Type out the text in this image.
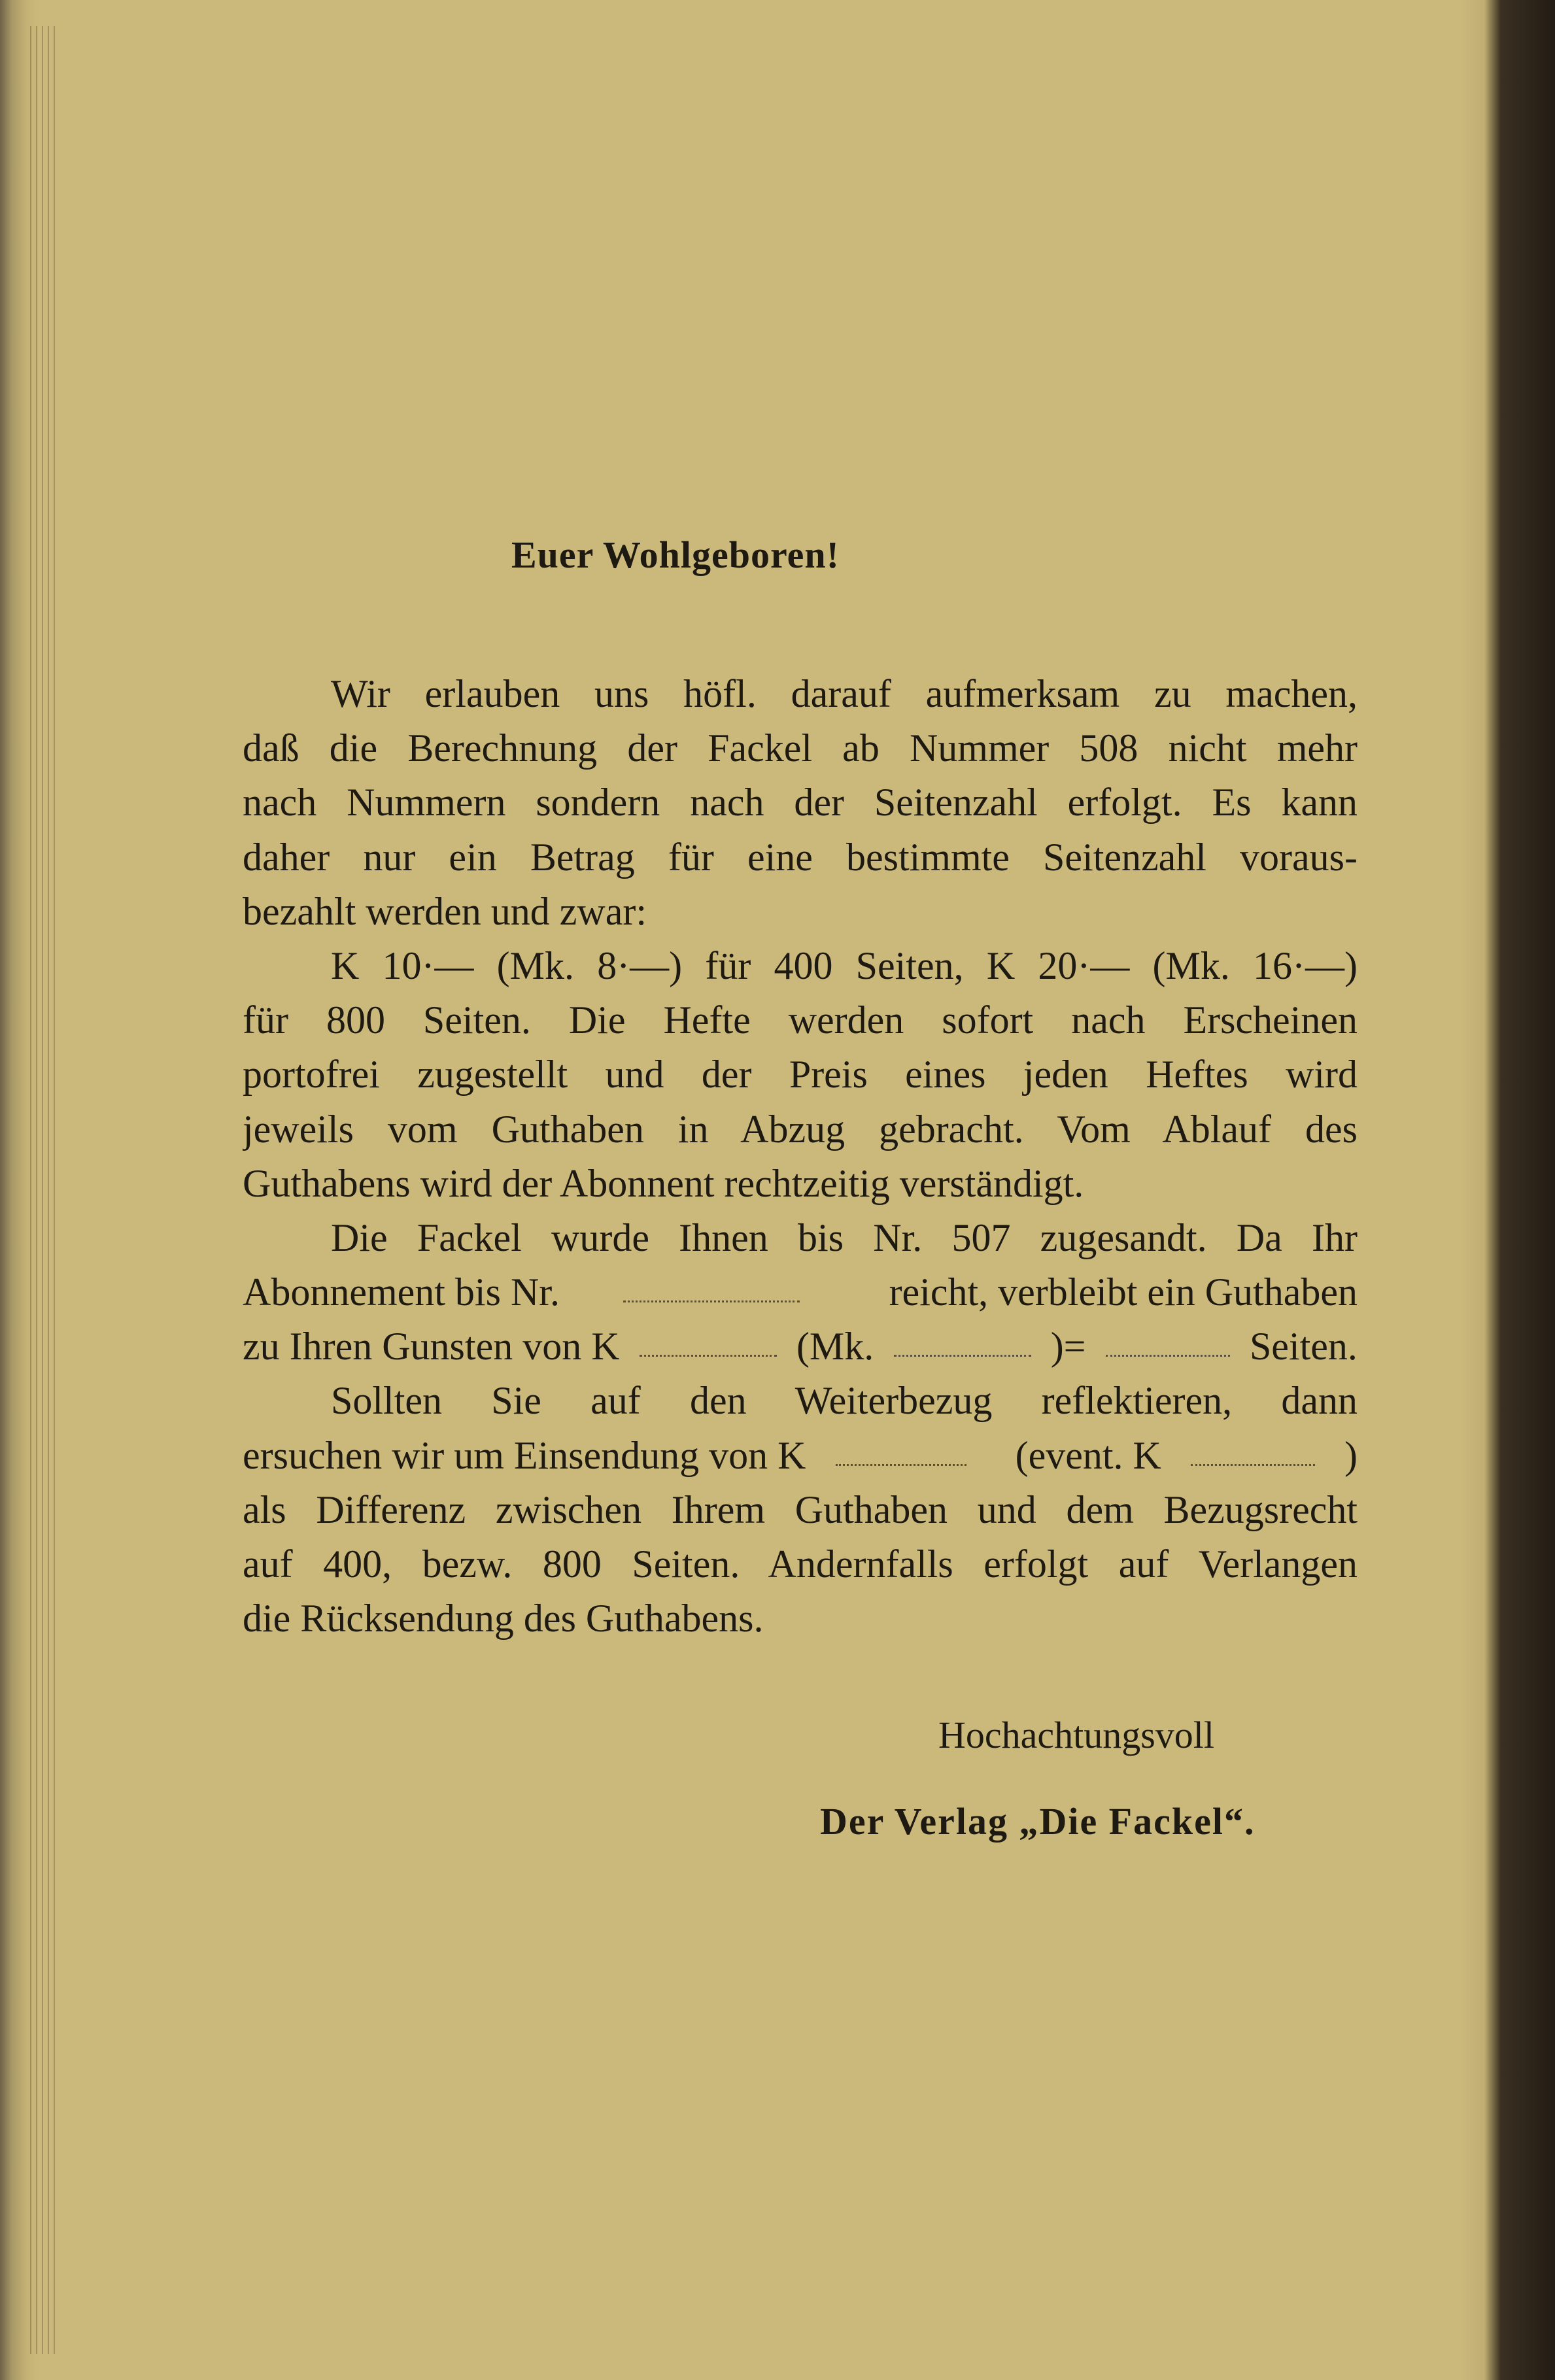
Euer Wohlgeboren!
Wir erlauben uns höfl. darauf aufmerksam zu machen,
daß die Berechnung der Fackel ab Nummer 508 nicht mehr
nach Nummern sondern nach der Seitenzahl erfolgt. Es kann
daher nur ein Betrag für eine bestimmte Seitenzahl voraus-
bezahlt werden und zwar:
K 10·— (Mk. 8·—) für 400 Seiten, K 20·— (Mk. 16·—)
für 800 Seiten. Die Hefte werden sofort nach Erscheinen
portofrei zugestellt und der Preis eines jeden Heftes wird
jeweils vom Guthaben in Abzug gebracht. Vom Ablauf des
Guthabens wird der Abonnent rechtzeitig verständigt.
Die Fackel wurde Ihnen bis Nr. 507 zugesandt. Da Ihr
Abonnement bis Nr.	reicht, verbleibt ein Guthaben
zu Ihren Gunsten von K	(Mk.	)=	Seiten.
Sollten Sie auf den Weiterbezug reflektieren, dann
ersuchen wir um Einsendung von K	(event. K	)
als Differenz zwischen Ihrem Guthaben und dem Bezugsrecht
auf 400, bezw. 800 Seiten. Andernfalls erfolgt auf Verlangen
die Rücksendung des Guthabens.
Hochachtungsvoll
Der Verlag „Die Fackel“.
